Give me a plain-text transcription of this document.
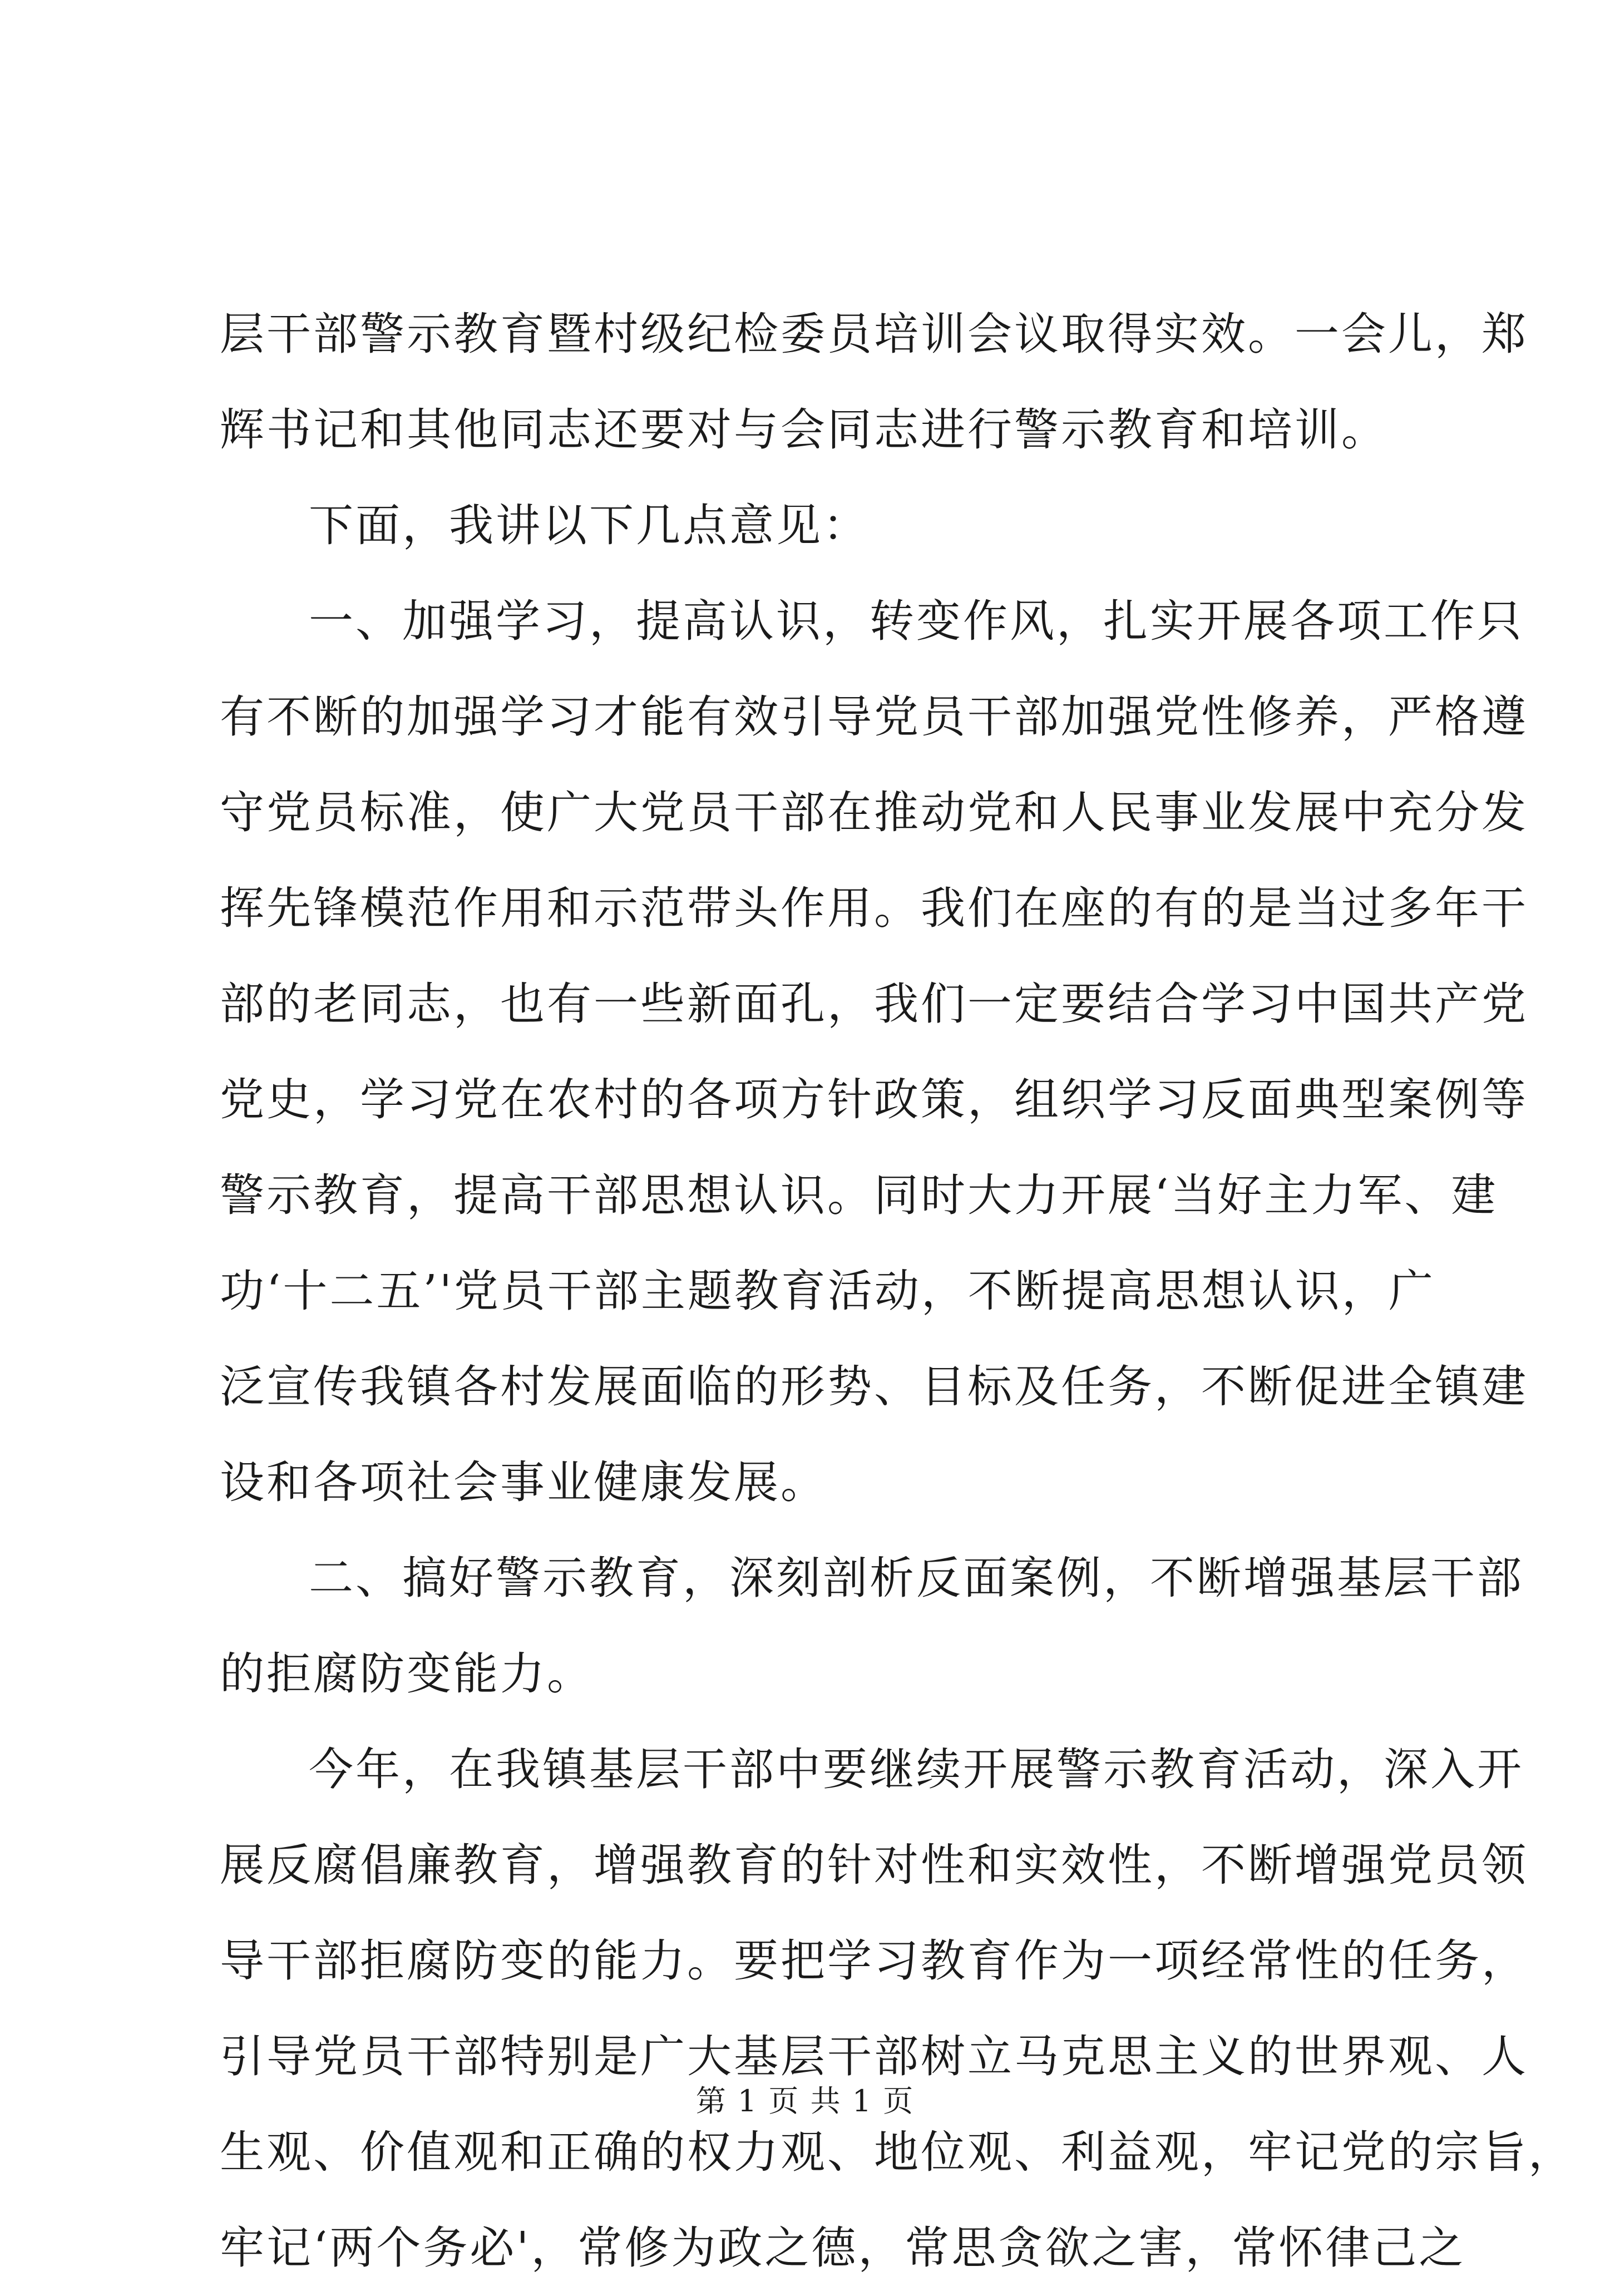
层干部警示教育暨村级纪检委员培训会议取得实效。一会儿，郑
辉书记和其他同志还要对与会同志进行警示教育和培训。
下面，我讲以下几点意见：
一、加强学习，提高认识，转变作风，扎实开展各项工作只
有不断的加强学习才能有效引导党员干部加强党性修养，严格遵
守党员标准，使广大党员干部在推动党和人民事业发展中充分发
挥先锋模范作用和示范带头作用。我们在座的有的是当过多年干
部的老同志，也有一些新面孔，我们一定要结合学习中国共产党
党史，学习党在农村的各项方针政策，组织学习反面典型案例等
警示教育，提高干部思想认识。同时大力开展‘当好主力军、建
功‘十二五’'党员干部主题教育活动，不断提高思想认识，广
泛宣传我镇各村发展面临的形势、目标及任务，不断促进全镇建
设和各项社会事业健康发展。
二、搞好警示教育，深刻剖析反面案例，不断增强基层干部
的拒腐防变能力。
今年，在我镇基层干部中要继续开展警示教育活动，深入开
展反腐倡廉教育，增强教育的针对性和实效性，不断增强党员领
导干部拒腐防变的能力。要把学习教育作为一项经常性的任务，
引导党员干部特别是广大基层干部树立马克思主义的世界观、人
生观、价值观和正确的权力观、地位观、利益观，牢记党的宗旨，
牢记‘两个务必'，常修为政之德，常思贪欲之害，常怀律己之
第 1 页 共 1 页
